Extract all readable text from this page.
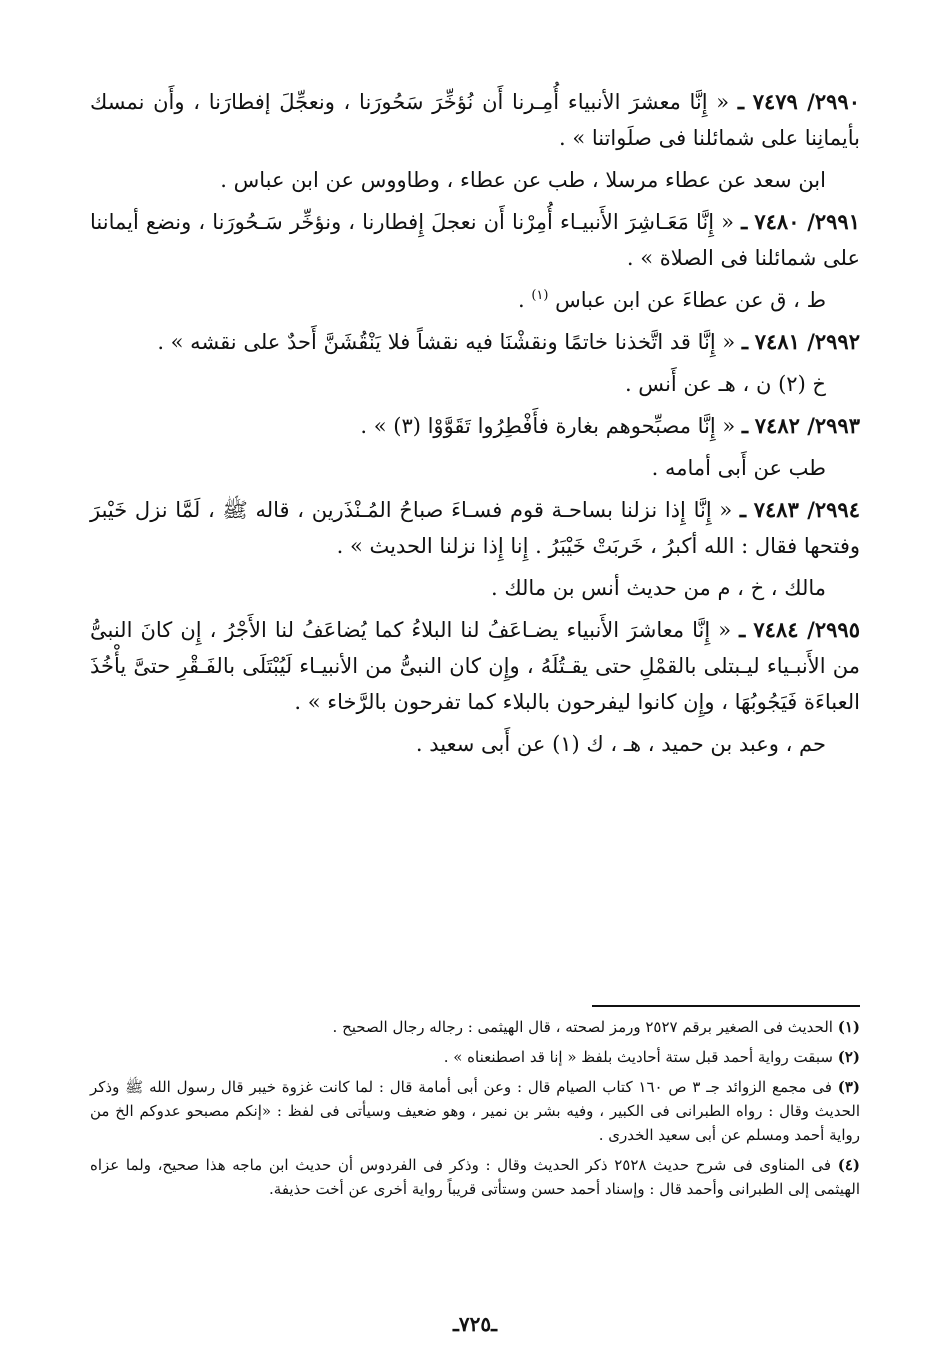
٢٩٩٠/ ٧٤٧٩ ـ « إِنَّا معشرَ الأنبياء أُمِـرنا أَن نُؤخِّرَ سَحُورَنا ، ونعجِّلَ إفطارَنا ، وأَن نمسك بأيمانِنا على شمائلنا فى صلَواتنا » .

ابن سعد عن عطاء مرسلا ، طب عن عطاء ، وطاووس عن ابن عباس .

٢٩٩١/ ٧٤٨٠ ـ « إِنَّا مَعَـاشِرَ الأَنبيـاء أُمِرْنا أَن نعجلَ إِفطارنا ، ونؤخِّر سَـحُورَنا ، ونضع أيماننا على شمائلنا فى الصلاة » .

ط ، ق عن عطاءَ عن ابن عباس $^{(١)}$ .

٢٩٩٢/ ٧٤٨١ ـ « إِنَّا قد اتَّخذنا خاتمًا ونقشْنَا فيه نقشاً فلا يَنْقُشَنَّ أَحدٌ على نقشه » .

خ (٢) ن ، هـ عن أَنس .

٢٩٩٣/ ٧٤٨٢ ـ « إِنَّا مصبِّحوهم بغارة فأَفْطِرُوا تَقَوَّوْا (٣) » .

طب عن أَبى أمامه .

٢٩٩٤/ ٧٤٨٣ ـ « إِنَّا إِذا نزلنا بساحـة قوم فسـاءَ صباحُ المُـنْذَرين ، قاله ﷺ ، لَمَّا نزل خَيْبرَ وفتحها فقال : الله أكبرُ ، خَربَتْ خَيْبَرُ . إِنا إِذا نزلنا الحديث » .

مالك ، خ ، م من حديث أنس بن مالك .

٢٩٩٥/ ٧٤٨٤ ـ « إِنَّا معاشرَ الأَنبياء يضـاعَفُ لنا البلاءُ كما يُضاعَفُ لنا الأَجْرُ ، إِن كانَ النبىُّ من الأَنبـياء ليـبتلى بالقمْلِ حتى يقـتُلَهُ ، وإِن كان النبىُّ من الأنبيـاء لَيُبْتَلَى بالفَـقْرِ حتىَّ يأْخُذَ العباءَة فَيَجُوبُهَا ، وإِن كانوا ليفرحون بالبلاء كما تفرحون بالرَّخاء » .

حم ، وعبد بن حميد ، هـ ، ك (١) عن أَبى سعيد .

(١) الحديث فى الصغير برقم ٢٥٢٧ ورمز لصحته ، قال الهيثمى : رجاله رجال الصحيح .

(٢) سبقت رواية أحمد قبل ستة أحاديث بلفظ « إنا قد اصطنعناه » .

(٣) فى مجمع الزوائد جـ ٣ ص ١٦٠ كتاب الصيام قال : وعن أبى أمامة قال : لما كانت غزوة خيبر قال رسول الله ﷺ وذكر الحديث وقال : رواه الطبرانى فى الكبير ، وفيه بشر بن نمير ، وهو ضعيف وسيأتى فى لفظ : «إنكم مصبحو عدوكم الخ من رواية أحمد ومسلم عن أبى سعيد الخدرى .

(٤) فى المناوى فى شرح حديث ٢٥٢٨ ذكر الحديث وقال : وذكر فى الفردوس أن حديث ابن ماجه هذا صحيح، ولما عزاه الهيثمى إلى الطبرانى وأحمد قال : وإسناد أحمد حسن وستأتى قريباً رواية أخرى عن أخت حذيفة.

ـ٧٢٥ـ
